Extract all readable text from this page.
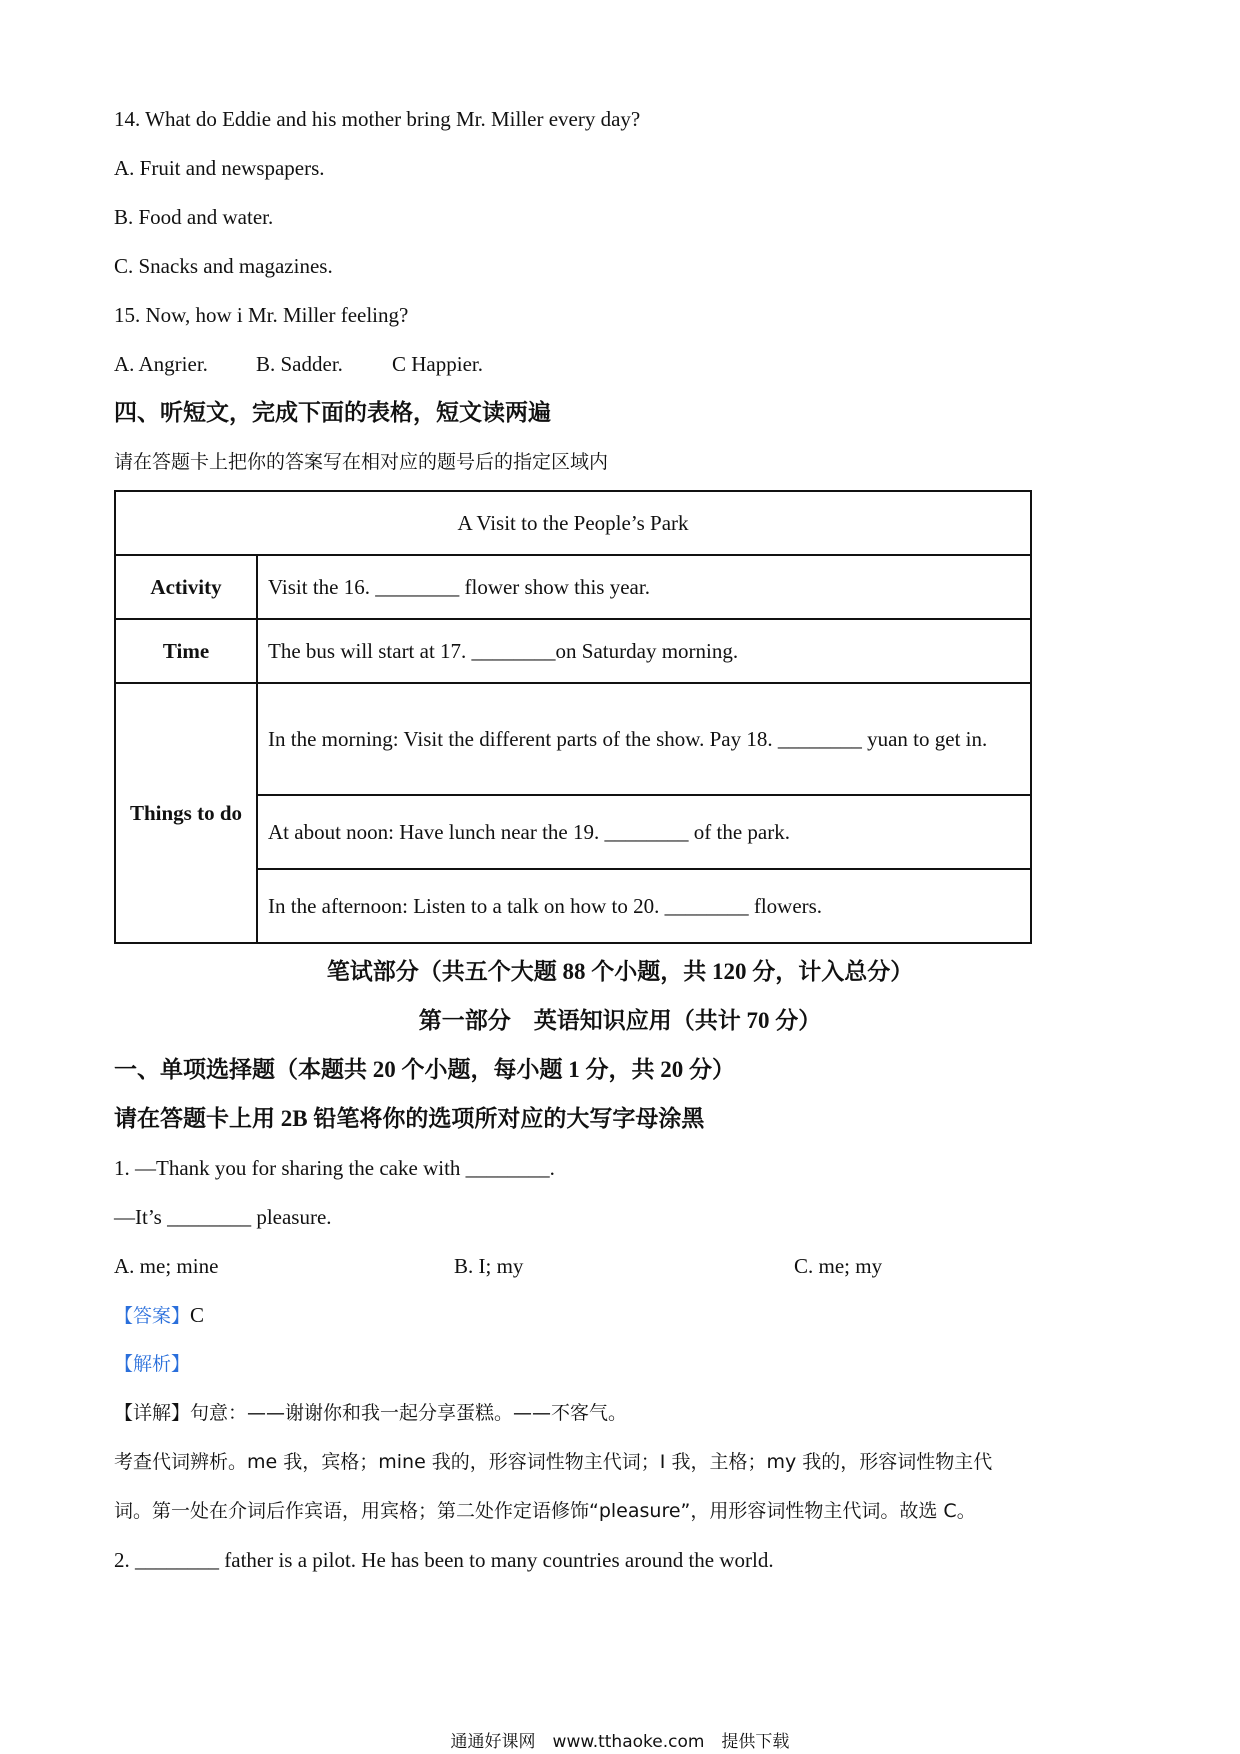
14. What do Eddie and his mother bring Mr. Miller every day?
A. Fruit and newspapers.
B. Food and water.
C. Snacks and magazines.
15. Now, how i Mr. Miller feeling?
A. Angrier. B. Sadder. C Happier.
四、听短文，完成下面的表格，短文读两遍
请在答题卡上把你的答案写在相对应的题号后的指定区域内
A Visit to the People’s Park	
Activity	Visit the 16. ________ flower show this year.
Time	The bus will start at 17. ________on Saturday morning.
Things to do	In the morning: Visit the different parts of the show. Pay 18. ________ yuan to get in.
	At about noon: Have lunch near the 19. ________ of the park.
	In the afternoon: Listen to a talk on how to 20. ________ flowers.
笔试部分（共五个大题 88 个小题，共 120 分，计入总分）
第一部分　英语知识应用（共计 70 分）
一、单项选择题（本题共 20 个小题，每小题 1 分，共 20 分）
请在答题卡上用 2B 铅笔将你的选项所对应的大写字母涂黑
1. —Thank you for sharing the cake with ________.
—It’s ________ pleasure.
A. me; mine	B. I; my	C. me; my
【答案】C
【解析】
【详解】句意：——谢谢你和我一起分享蛋糕。——不客气。
考查代词辨析。me 我，宾格；mine 我的，形容词性物主代词；I 我，主格；my 我的，形容词性物主代
词。第一处在介词后作宾语，用宾格；第二处作定语修饰“pleasure”，用形容词性物主代词。故选 C。
2. ________ father is a pilot. He has been to many countries around the world.
通通好课网　www.tthaoke.com　提供下载
